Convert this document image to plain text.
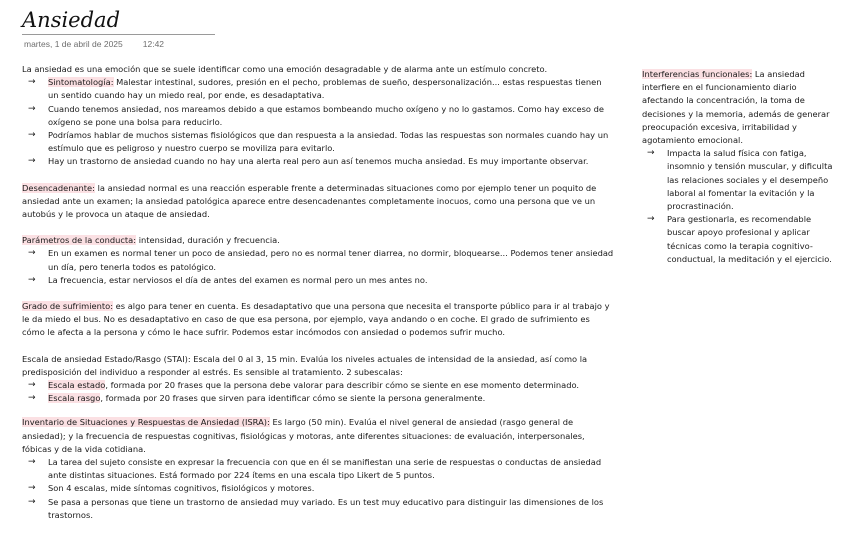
Ansiedad
martes, 1 de abril de 2025 12:42

La ansiedad es una emoción que se suele identificar como una emoción desagradable y de alarma ante un estímulo concreto.

→ Sintomatología: Malestar intestinal, sudores, presión en el pecho, problemas de sueño, despersonalización... estas respuestas tienen un sentido cuando hay un miedo real, por ende, es desadaptativa.
→ Cuando tenemos ansiedad, nos mareamos debido a que estamos bombeando mucho oxígeno y no lo gastamos. Como hay exceso de oxígeno se pone una bolsa para reducirlo.
→ Podríamos hablar de muchos sistemas fisiológicos que dan respuesta a la ansiedad. Todas las respuestas son normales cuando hay un estímulo que es peligroso y nuestro cuerpo se moviliza para evitarlo.
→ Hay un trastorno de ansiedad cuando no hay una alerta real pero aun así tenemos mucha ansiedad. Es muy importante observar.

Desencadenante: la ansiedad normal es una reacción esperable frente a determinadas situaciones como por ejemplo tener un poquito de ansiedad ante un examen; la ansiedad patológica aparece entre desencadenantes completamente inocuos, como una persona que ve un autobús y le provoca un ataque de ansiedad.

Parámetros de la conducta: intensidad, duración y frecuencia.

→ En un examen es normal tener un poco de ansiedad, pero no es normal tener diarrea, no dormir, bloquearse... Podemos tener ansiedad un día, pero tenerla todos es patológico.
→ La frecuencia, estar nerviosos el día de antes del examen es normal pero un mes antes no.

Grado de sufrimiento: es algo para tener en cuenta. Es desadaptativo que una persona que necesita el transporte público para ir al trabajo y le da miedo el bus. No es desadaptativo en caso de que esa persona, por ejemplo, vaya andando o en coche. El grado de sufrimiento es cómo le afecta a la persona y cómo le hace sufrir. Podemos estar incómodos con ansiedad o podemos sufrir mucho.

Escala de ansiedad Estado/Rasgo (STAI): Escala del 0 al 3, 15 min. Evalúa los niveles actuales de intensidad de la ansiedad, así como la predisposición del individuo a responder al estrés. Es sensible al tratamiento. 2 subescalas:

→ Escala estado, formada por 20 frases que la persona debe valorar para describir cómo se siente en ese momento determinado.
→ Escala rasgo, formada por 20 frases que sirven para identificar cómo se siente la persona generalmente.

Inventario de Situaciones y Respuestas de Ansiedad (ISRA): Es largo (50 min). Evalúa el nivel general de ansiedad (rasgo general de ansiedad); y la frecuencia de respuestas cognitivas, fisiológicas y motoras, ante diferentes situaciones: de evaluación, interpersonales, fóbicas y de la vida cotidiana.

→ La tarea del sujeto consiste en expresar la frecuencia con que en él se manifiestan una serie de respuestas o conductas de ansiedad ante distintas situaciones. Está formado por 224 ítems en una escala tipo Likert de 5 puntos.
→ Son 4 escalas, mide síntomas cognitivos, fisiológicos y motores.
→ Se pasa a personas que tiene un trastorno de ansiedad muy variado. Es un test muy educativo para distinguir las dimensiones de los trastornos.

Interferencias funcionales: La ansiedad interfiere en el funcionamiento diario afectando la concentración, la toma de decisiones y la memoria, además de generar preocupación excesiva, irritabilidad y agotamiento emocional.

→ Impacta la salud física con fatiga, insomnio y tensión muscular, y dificulta las relaciones sociales y el desempeño laboral al fomentar la evitación y la procrastinación.
→ Para gestionarla, es recomendable buscar apoyo profesional y aplicar técnicas como la terapia cognitivo-conductual, la meditación y el ejercicio.
